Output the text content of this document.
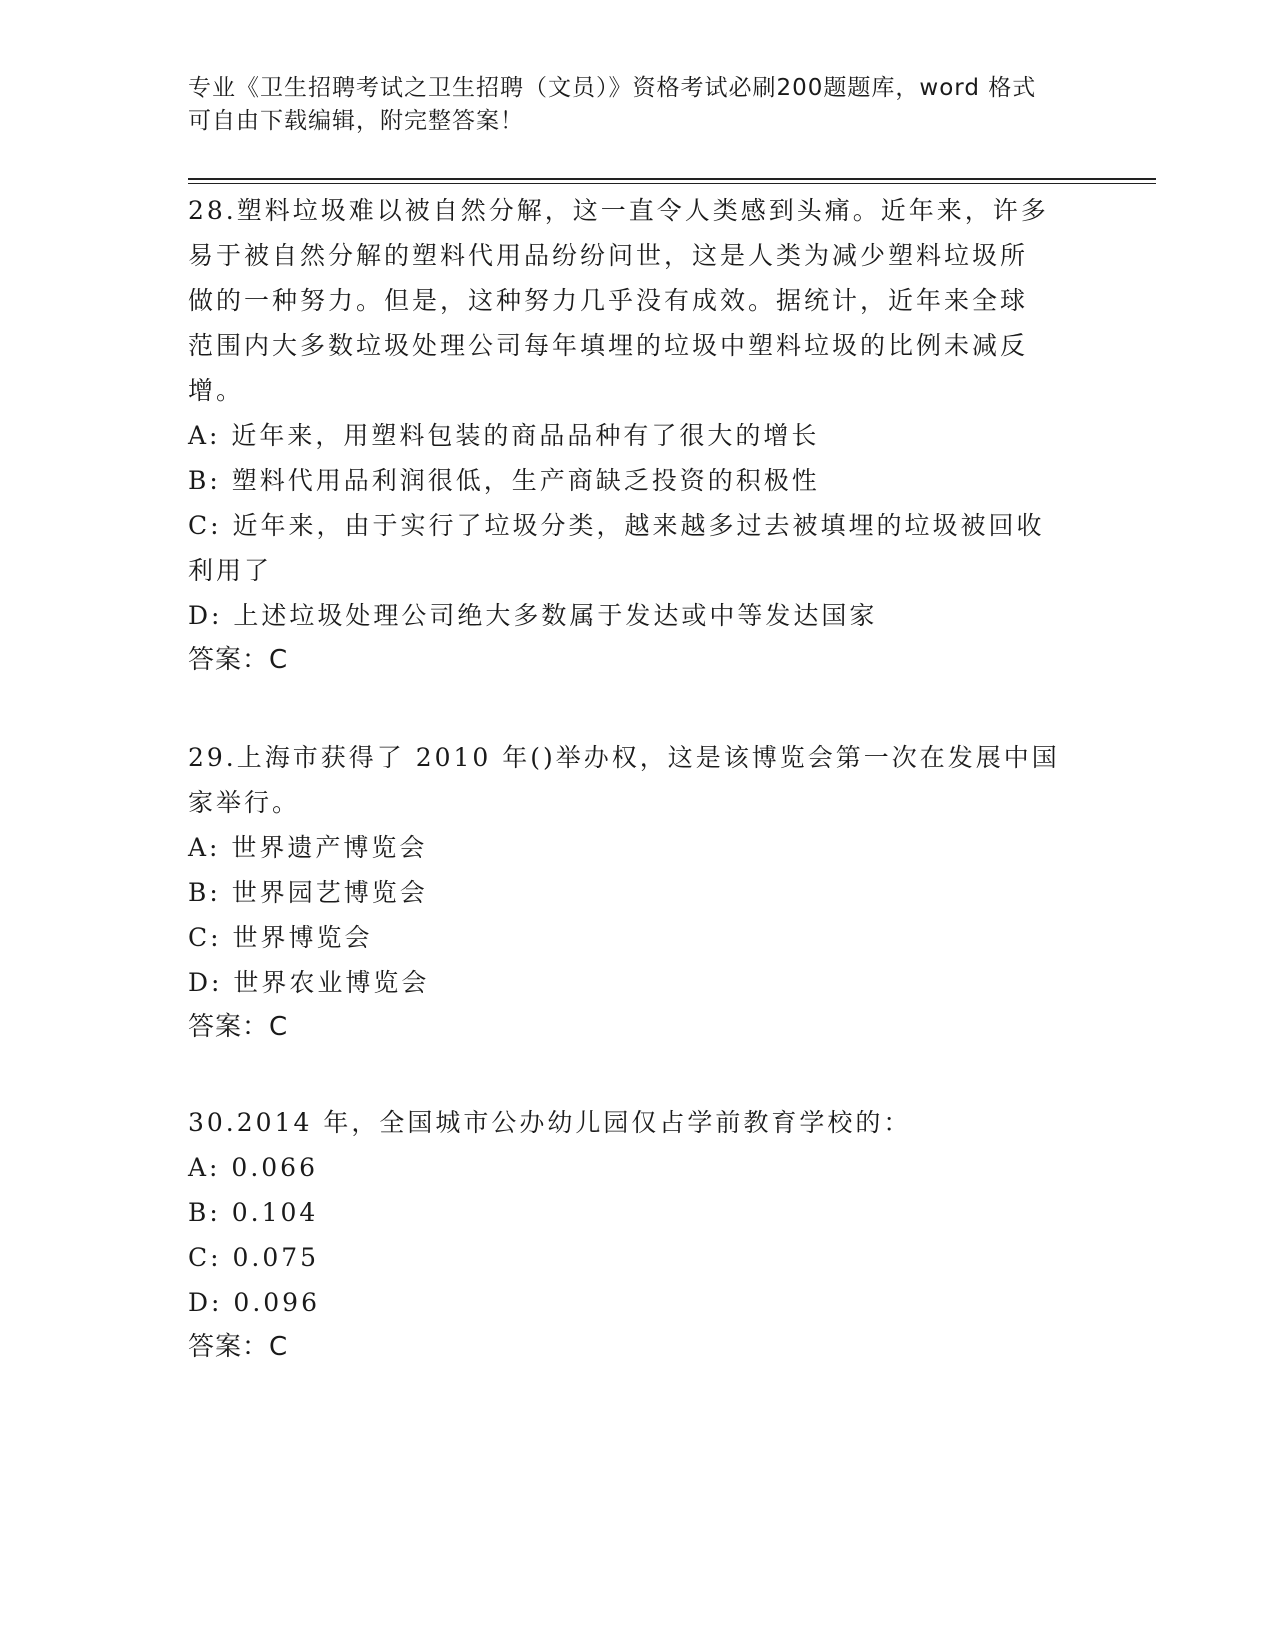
专业《卫生招聘考试之卫生招聘（文员）》资格考试必刷200题题库，word 格式
可自由下载编辑，附完整答案！

28.塑料垃圾难以被自然分解，这一直令人类感到头痛。近年来，许多

易于被自然分解的塑料代用品纷纷问世，这是人类为减少塑料垃圾所

做的一种努力。但是，这种努力几乎没有成效。据统计，近年来全球

范围内大多数垃圾处理公司每年填埋的垃圾中塑料垃圾的比例未减反

增。

A: 近年来，用塑料包装的商品品种有了很大的增长

B: 塑料代用品利润很低，生产商缺乏投资的积极性

C: 近年来，由于实行了垃圾分类，越来越多过去被填埋的垃圾被回收

利用了

D: 上述垃圾处理公司绝大多数属于发达或中等发达国家

答案：C

29.上海市获得了 2010 年()举办权，这是该博览会第一次在发展中国

家举行。

A: 世界遗产博览会

B: 世界园艺博览会

C: 世界博览会

D: 世界农业博览会

答案：C

30.2014 年，全国城市公办幼儿园仅占学前教育学校的：

A: 0.066

B: 0.104

C: 0.075

D: 0.096

答案：C
